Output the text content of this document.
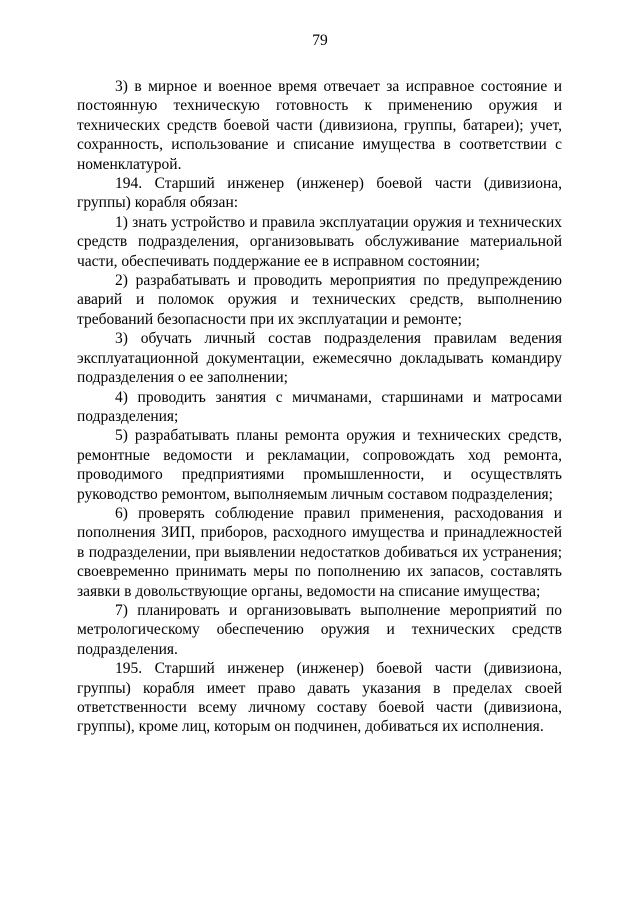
79

3) в мирное и военное время отвечает за исправное состояние и постоянную техническую готовность к применению оружия и технических средств боевой части (дивизиона, группы, батареи); учет, сохранность, использование и списание имущества в соответствии с номенклатурой.

194. Старший инженер (инженер) боевой части (дивизиона, группы) корабля обязан:

1) знать устройство и правила эксплуатации оружия и технических средств подразделения, организовывать обслуживание материальной части, обеспечивать поддержание ее в исправном состоянии;

2) разрабатывать и проводить мероприятия по предупреждению аварий и поломок оружия и технических средств, выполнению требований безопасности при их эксплуатации и ремонте;

3) обучать личный состав подразделения правилам ведения эксплуатационной документации, ежемесячно докладывать командиру подразделения о ее заполнении;

4) проводить занятия с мичманами, старшинами и матросами подразделения;

5) разрабатывать планы ремонта оружия и технических средств, ремонтные ведомости и рекламации, сопровождать ход ремонта, проводимого предприятиями промышленности, и осуществлять руководство ремонтом, выполняемым личным составом подразделения;

6) проверять соблюдение правил применения, расходования и пополнения ЗИП, приборов, расходного имущества и принадлежностей в подразделении, при выявлении недостатков добиваться их устранения; своевременно принимать меры по пополнению их запасов, составлять заявки в довольствующие органы, ведомости на списание имущества;

7) планировать и организовывать выполнение мероприятий по метрологическому обеспечению оружия и технических средств подразделения.

195. Старший инженер (инженер) боевой части (дивизиона, группы) корабля имеет право давать указания в пределах своей ответственности всему личному составу боевой части (дивизиона, группы), кроме лиц, которым он подчинен, добиваться их исполнения.
